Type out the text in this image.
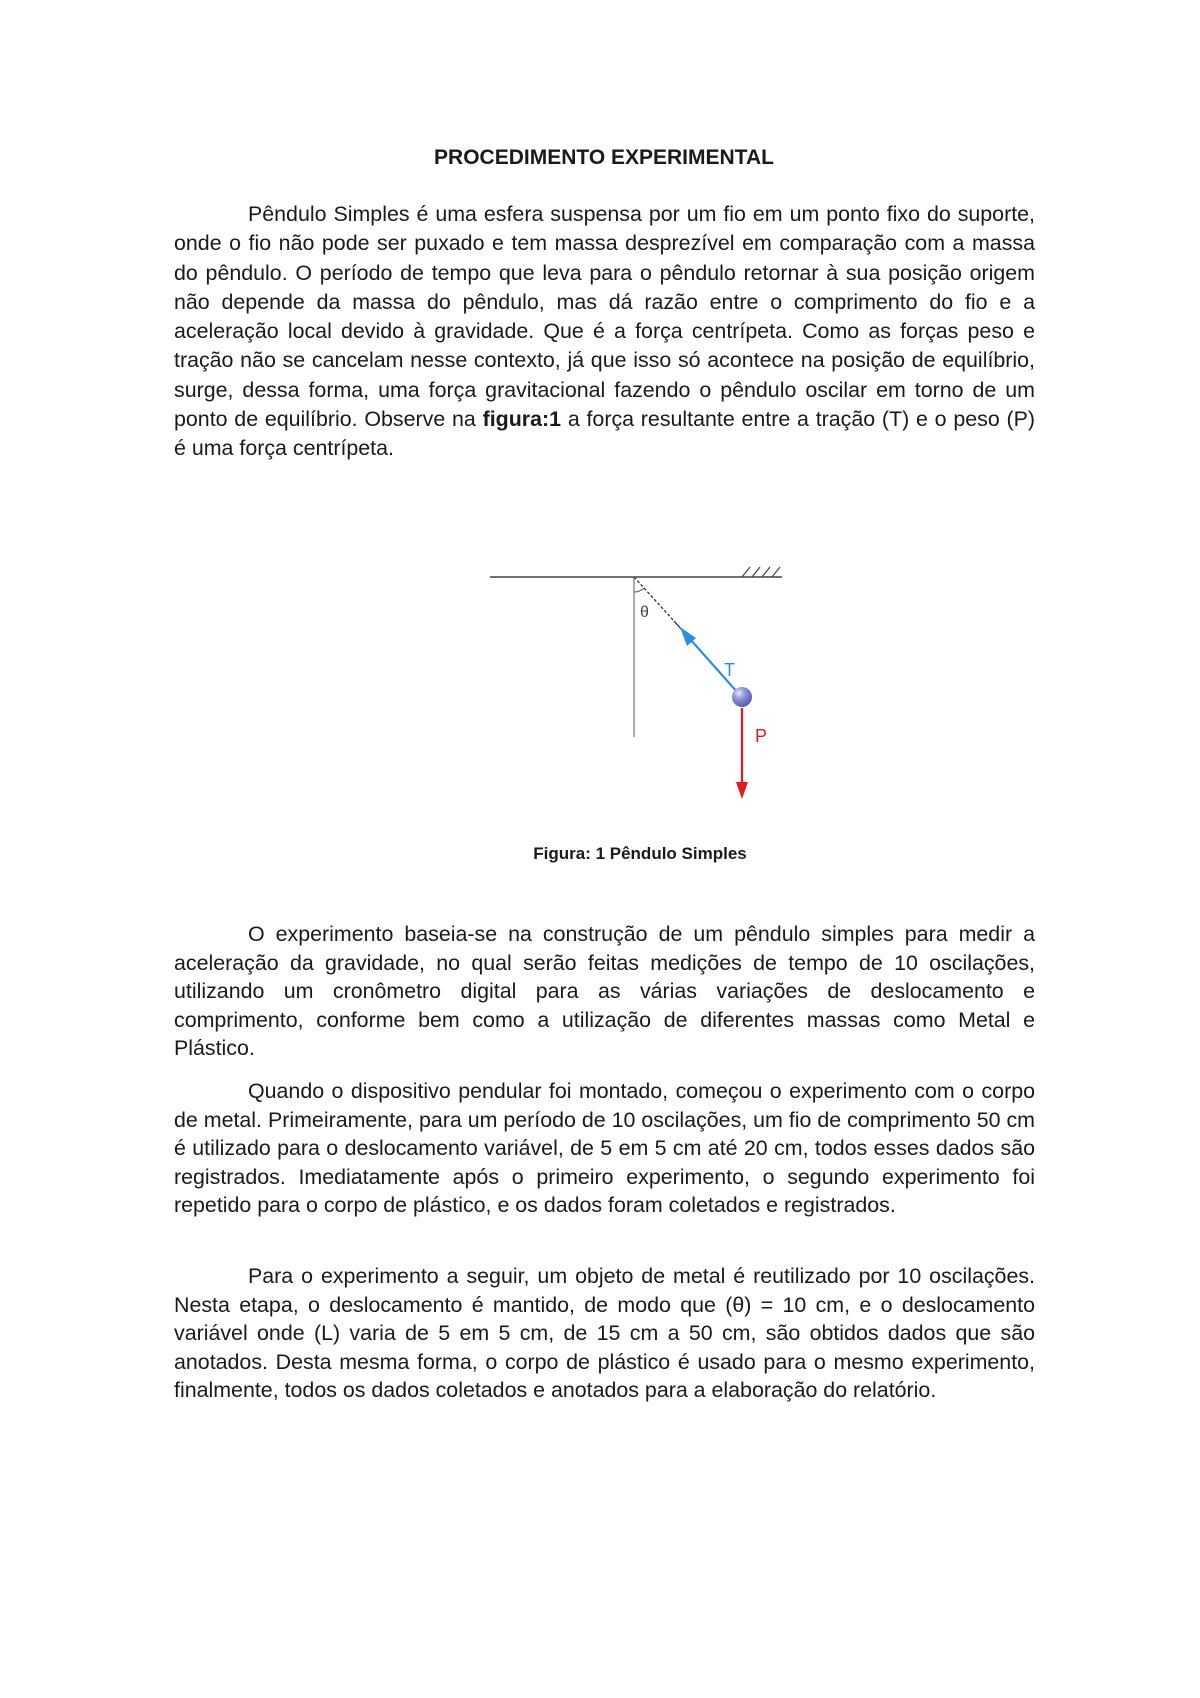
PROCEDIMENTO EXPERIMENTAL

Pêndulo Simples é uma esfera suspensa por um fio em um ponto fixo do suporte, onde o fio não pode ser puxado e tem massa desprezível em comparação com a massa do pêndulo. O período de tempo que leva para o pêndulo retornar à sua posição origem não depende da massa do pêndulo, mas dá razão entre o comprimento do fio e a aceleração local devido à gravidade. Que é a força centrípeta. Como as forças peso e tração não se cancelam nesse contexto, já que isso só acontece na posição de equilíbrio, surge, dessa forma, uma força gravitacional fazendo o pêndulo oscilar em torno de um ponto de equilíbrio. Observe na figura:1 a força resultante entre a tração (T) e o peso (P) é uma força centrípeta.

θ
T
P

Figura: 1 Pêndulo Simples

O experimento baseia-se na construção de um pêndulo simples para medir a aceleração da gravidade, no qual serão feitas medições de tempo de 10 oscilações, utilizando um cronômetro digital para as várias variações de deslocamento e comprimento, conforme bem como a utilização de diferentes massas como Metal e Plástico.

Quando o dispositivo pendular foi montado, começou o experimento com o corpo de metal. Primeiramente, para um período de 10 oscilações, um fio de comprimento 50 cm é utilizado para o deslocamento variável, de 5 em 5 cm até 20 cm, todos esses dados são registrados. Imediatamente após o primeiro experimento, o segundo experimento foi repetido para o corpo de plástico, e os dados foram coletados e registrados.

Para o experimento a seguir, um objeto de metal é reutilizado por 10 oscilações. Nesta etapa, o deslocamento é mantido, de modo que (θ) = 10 cm, e o deslocamento variável onde (L) varia de 5 em 5 cm, de 15 cm a 50 cm, são obtidos dados que são anotados. Desta mesma forma, o corpo de plástico é usado para o mesmo experimento, finalmente, todos os dados coletados e anotados para a elaboração do relatório.
